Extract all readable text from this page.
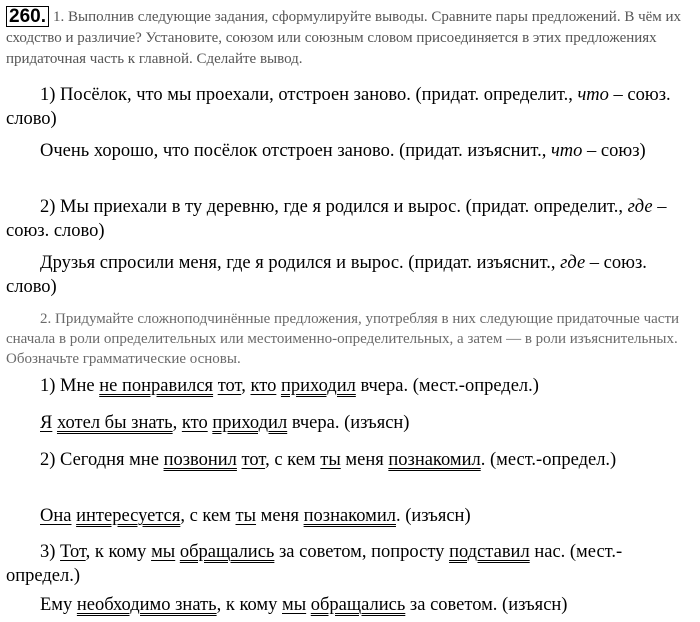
260. 1. Выполнив следующие задания, сформулируйте выводы. Сравните пары предложений. В чём их сходство и различие? Установите, союзом или союзным словом присоединяется в этих предложениях придаточная часть к главной. Сделайте вывод.
1) Посёлок, что мы проехали, отстроен заново. (придат. определит., что – союз. слово)
Очень хорошо, что посёлок отстроен заново. (придат. изъяснит., что – союз)
2) Мы приехали в ту деревню, где я родился и вырос. (придат. определит., где – союз. слово)
Друзья спросили меня, где я родился и вырос. (придат. изъяснит., где – союз. слово)
2. Придумайте сложноподчинённые предложения, употребляя в них следующие придаточные части сначала в роли определительных или местоименно-определительных, а затем — в роли изъяснительных. Обозначьте грамматические основы.
1) Мне не понравился тот, кто приходил вчера. (мест.-определ.)
Я хотел бы знать, кто приходил вчера. (изъясн)
2) Сегодня мне позвонил тот, с кем ты меня познакомил. (мест.-определ.)
Она интересуется, с кем ты меня познакомил. (изъясн)
3) Тот, к кому мы обращались за советом, попросту подставил нас. (мест.-определ.)
Ему необходимо знать, к кому мы обращались за советом. (изъясн)
